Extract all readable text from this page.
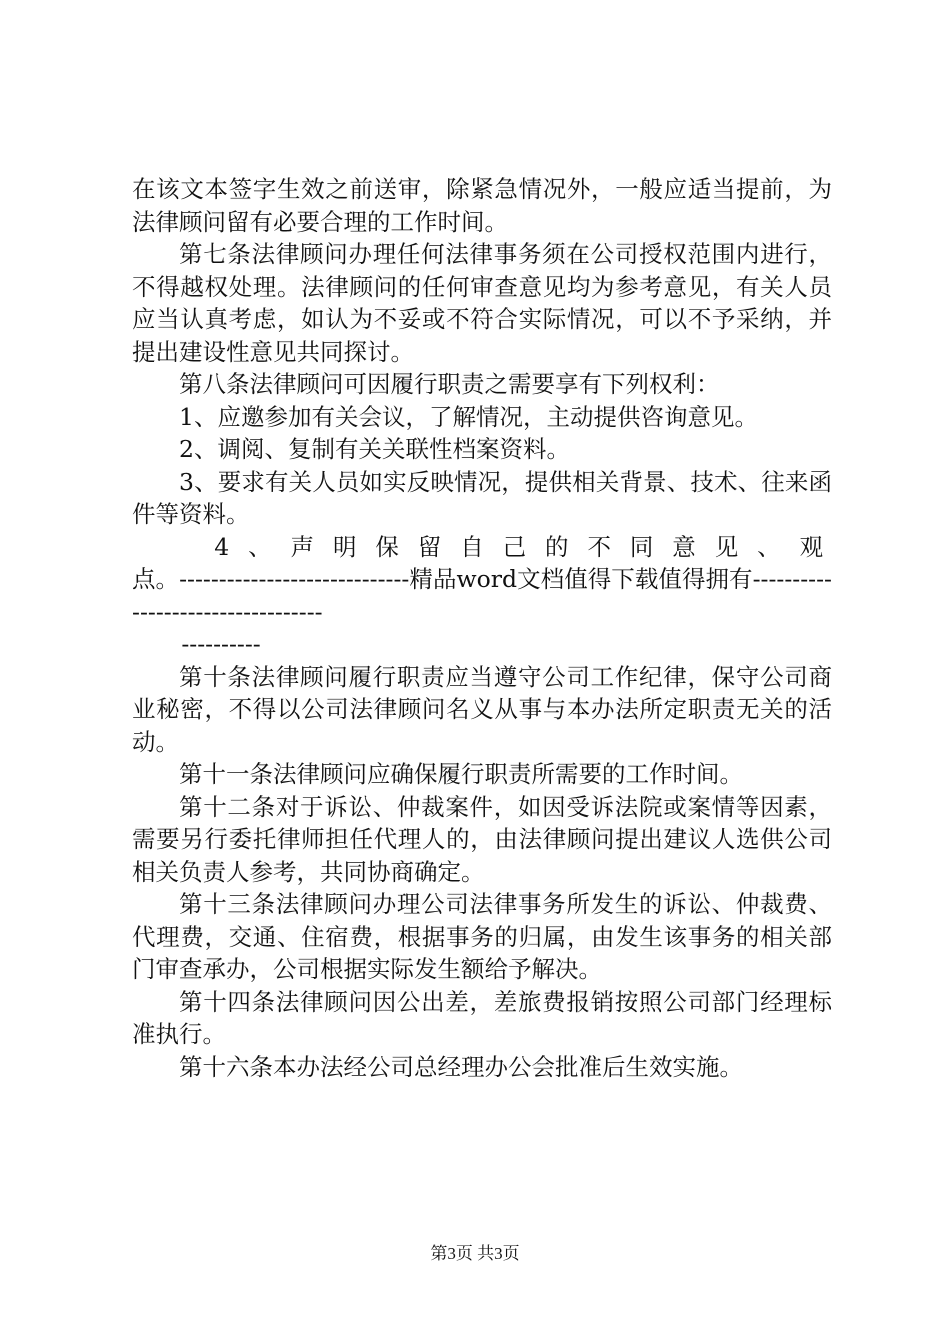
在该文本签字生效之前送审，除紧急情况外，一般应适当提前，为法律顾问留有必要合理的工作时间。

第七条法律顾问办理任何法律事务须在公司授权范围内进行，不得越权处理。法律顾问的任何审查意见均为参考意见，有关人员应当认真考虑，如认为不妥或不符合实际情况，可以不予采纳，并提出建设性意见共同探讨。

第八条法律顾问可因履行职责之需要享有下列权利：

1、应邀参加有关会议，了解情况，主动提供咨询意见。

2、调阅、复制有关关联性档案资料。

3、要求有关人员如实反映情况，提供相关背景、技术、往来函件等资料。

4、声明保留自己的不同意见、观

点。-----------------------------精品word文档值得下载值得拥有----------------------------------

----------

第十条法律顾问履行职责应当遵守公司工作纪律，保守公司商业秘密，不得以公司法律顾问名义从事与本办法所定职责无关的活动。

第十一条法律顾问应确保履行职责所需要的工作时间。

第十二条对于诉讼、仲裁案件，如因受诉法院或案情等因素，需要另行委托律师担任代理人的，由法律顾问提出建议人选供公司相关负责人参考，共同协商确定。

第十三条法律顾问办理公司法律事务所发生的诉讼、仲裁费、代理费，交通、住宿费，根据事务的归属，由发生该事务的相关部门审查承办，公司根据实际发生额给予解决。

第十四条法律顾问因公出差，差旅费报销按照公司部门经理标准执行。

第十六条本办法经公司总经理办公会批准后生效实施。

第3页 共3页
